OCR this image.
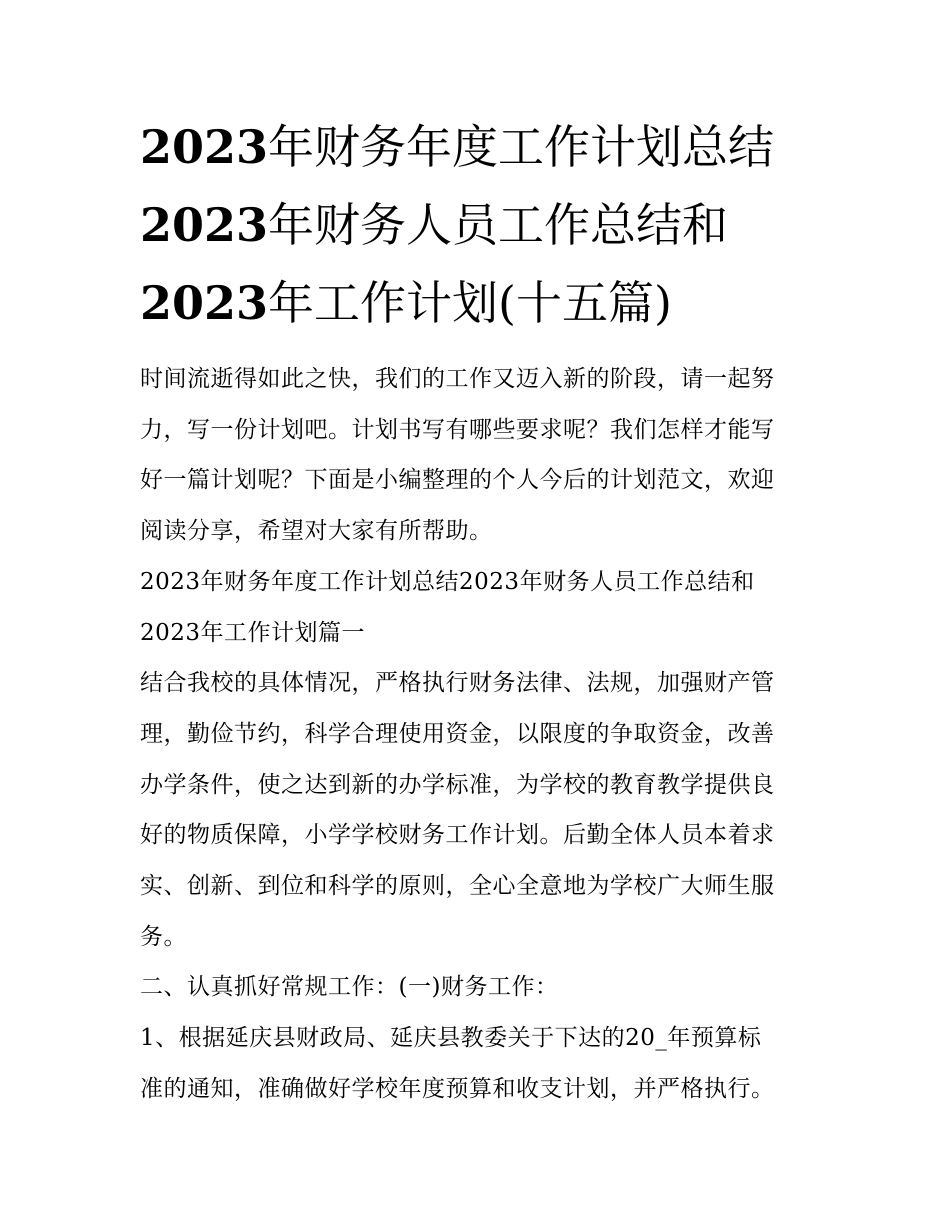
2023年财务年度工作计划总结
2023年财务人员工作总结和
2023年工作计划(十五篇)
时间流逝得如此之快，我们的工作又迈入新的阶段，请一起努
力，写一份计划吧。计划书写有哪些要求呢？我们怎样才能写
好一篇计划呢？下面是小编整理的个人今后的计划范文，欢迎
阅读分享，希望对大家有所帮助。
2023年财务年度工作计划总结2023年财务人员工作总结和
2023年工作计划篇一
结合我校的具体情况，严格执行财务法律、法规，加强财产管
理，勤俭节约，科学合理使用资金，以限度的争取资金，改善
办学条件，使之达到新的办学标准，为学校的教育教学提供良
好的物质保障，小学学校财务工作计划。后勤全体人员本着求
实、创新、到位和科学的原则，全心全意地为学校广大师生服
务。
二、认真抓好常规工作：(一)财务工作：
1、根据延庆县财政局、延庆县教委关于下达的20_年预算标
准的通知，准确做好学校年度预算和收支计划，并严格执行。
